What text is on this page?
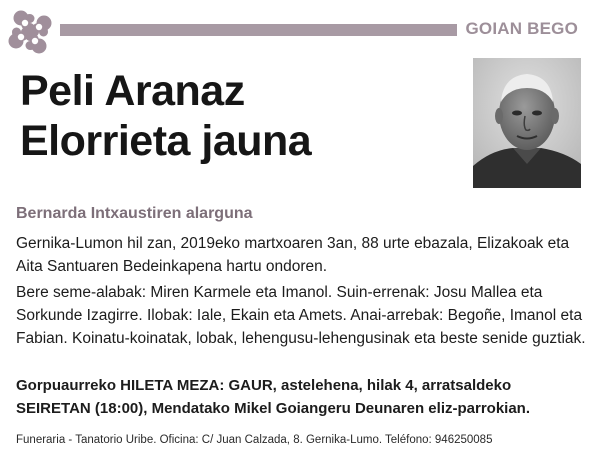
GOIAN BEGO
Peli Aranaz
Elorrieta jauna
Bernarda Intxaustiren alarguna

Gernika-Lumon hil zan, 2019eko martxoaren 3an, 88 urte ebazala, Elizakoak eta Aita Santuaren Bedeinkapena hartu ondoren.

Bere seme-alabak: Miren Karmele eta Imanol. Suin-errenak: Josu Mallea eta Sorkunde Izagirre. Ilobak: Iale, Ekain eta Amets. Anai-arrebak: Begoñe, Imanol eta Fabian. Koinatu-koinatak, lobak, lehengusu-lehengusinak eta beste senide guztiak.

Gorpuaurreko HILETA MEZA: GAUR, astelehena, hilak 4, arratsaldeko SEIRETAN (18:00), Mendatako Mikel Goiangeru Deunaren eliz-parrokian.

Funeraria - Tanatorio Uribe. Oficina: C/ Juan Calzada, 8. Gernika-Lumo. Teléfono: 946250085
